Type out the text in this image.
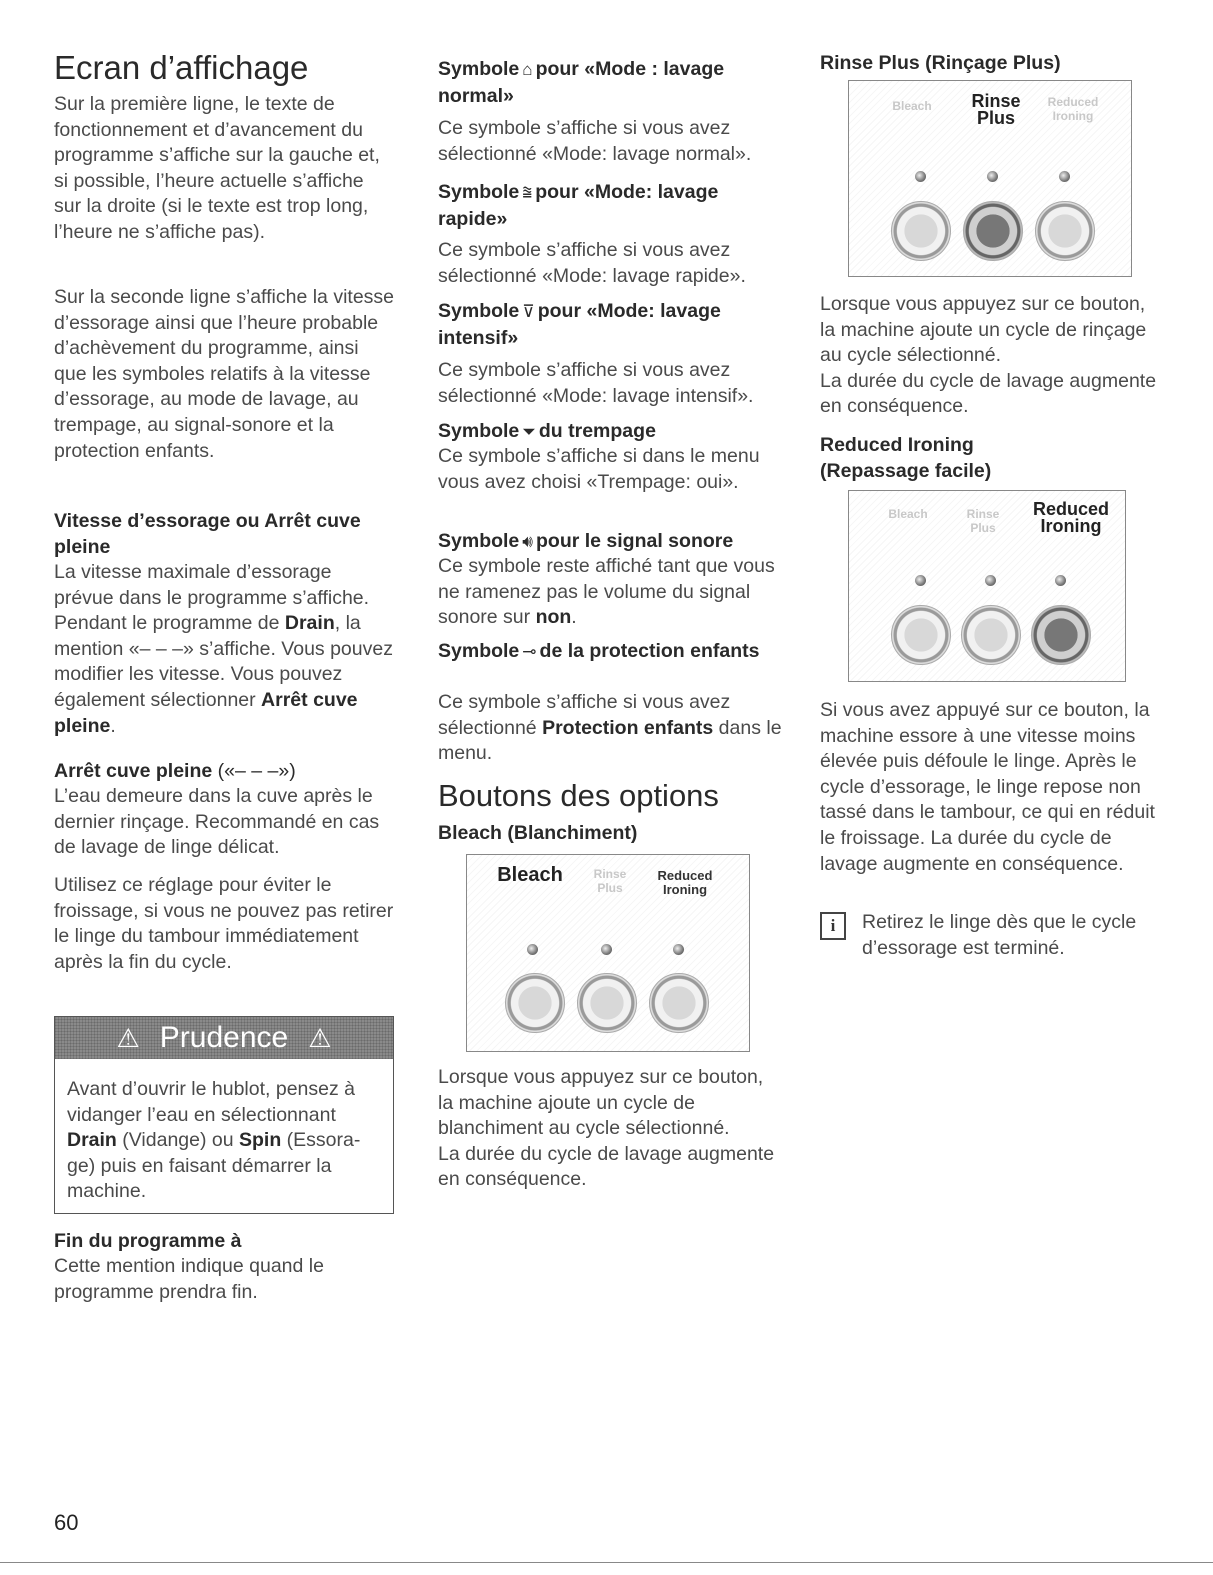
Ecran d’affichage
Sur la première ligne, le texte de fonctionnement et d’avancement du programme s’affiche sur la gauche et, si possible, l’heure actuelle s’affiche sur la droite (si le texte est trop long, l’heure ne s’affiche pas).
Sur la seconde ligne s’affiche la vitesse d’essorage ainsi que l’heure probable d’achèvement du programme, ainsi que les symboles relatifs à la vitesse d’essorage, au mode de lavage, au trempage, au signal-sonore et la protection enfants.
Vitesse d’essorage ou Arrêt cuve pleine
La vitesse maximale d’essorage prévue dans le programme s’affiche. Pendant le programme de Drain, la mention «– – –» s’affiche. Vous pouvez modifier les vitesse. Vous pouvez également sélectionner Arrêt cuve pleine.
Arrêt cuve pleine («– – –»)
L’eau demeure dans la cuve après le dernier rinçage. Recommandé en cas de lavage de linge délicat.
Utilisez ce réglage pour éviter le froissage, si vous ne pouvez pas retirer le linge du tambour immédiatement après la fin du cycle.
Fin du programme à
Cette mention indique quand le programme prendra fin.
⚠ Prudence ⚠
Avant d’ouvrir le hublot, pensez à vidanger l’eau en sélectionnant Drain (Vidange) ou Spin (Essora-ge) puis en faisant démarrer la machine.
Symbole ⌂ pour «Mode : lavage normal»
Ce symbole s’affiche si vous avez sélectionné «Mode: lavage normal».
Symbole ⩰ pour «Mode: lavage rapide»
Ce symbole s’affiche si vous avez sélectionné «Mode: lavage rapide».
Symbole ⊽ pour «Mode: lavage intensif»
Ce symbole s’affiche si vous avez sélectionné «Mode: lavage intensif».
Symbole ⏷ du trempage
Ce symbole s’affiche si dans le menu vous avez choisi «Trempage: oui».
Symbole 🔊︎ pour le signal sonore
Ce symbole reste affiché tant que vous ne ramenez pas le volume du signal sonore sur non.
Symbole ⊸ de la protection enfants
Ce symbole s’affiche si vous avez sélectionné Protection enfants dans le menu.
Boutons des options
Bleach (Blanchiment)
Lorsque vous appuyez sur ce bouton, la machine ajoute un cycle de blanchiment au cycle sélectionné.
La durée du cycle de lavage augmente en conséquence.
Bleach	Rinse
Plus
Reduced
Ironing
Rinse Plus (Rinçage Plus)
Lorsque vous appuyez sur ce bouton, la machine ajoute un cycle de rinçage au cycle sélectionné.
La durée du cycle de lavage augmente en conséquence.
Reduced Ironing
(Repassage facile)
Si vous avez appuyé sur ce bouton, la machine essore à une vitesse moins élevée puis défoule le linge. Après le cycle d’essorage, le linge repose non tassé dans le tambour, ce qui en réduit le froissage. La durée du cycle de lavage augmente en conséquence.
i	Retirez le linge dès que le cycle d’essorage est terminé.
Bleach	Rinse
Plus
Reduced
Ironing
Bleach	Rinse
Plus
Reduced
Ironing
60
